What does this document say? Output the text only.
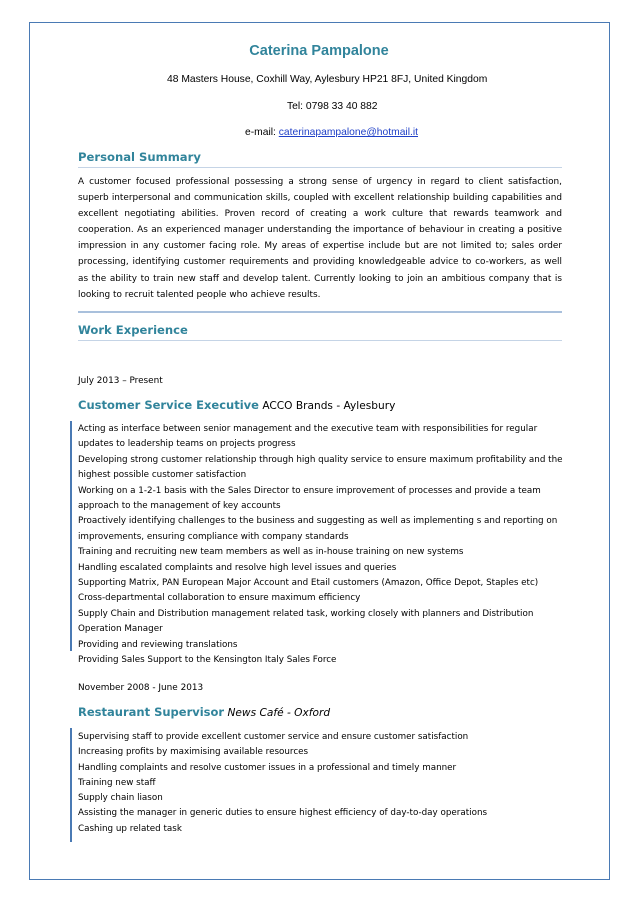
Caterina Pampalone
48 Masters House, Coxhill Way, Aylesbury HP21 8FJ, United Kingdom
Tel: 0798 33 40 882
e-mail: caterinapampalone@hotmail.it
Personal Summary
A customer focused professional possessing a strong sense of urgency in regard to client satisfaction, superb interpersonal and communication skills, coupled with excellent relationship building capabilities and excellent negotiating abilities. Proven record of creating a work culture that rewards teamwork and cooperation. As an experienced manager understanding the importance of behaviour in creating a positive impression in any customer facing role. My areas of expertise include but are not limited to; sales order processing, identifying customer requirements and providing knowledgeable advice to co-workers, as well as the ability to train new staff and develop talent. Currently looking to join an ambitious company that is looking to recruit talented people who achieve results.
Work Experience
July 2013 – Present
Customer Service Executive ACCO Brands - Aylesbury
Acting as interface between senior management and the executive team with responsibilities for regular updates to leadership teams on projects progress
Developing strong customer relationship through high quality service to ensure maximum profitability and the highest possible customer satisfaction
Working on a 1-2-1 basis with the Sales Director to ensure improvement of processes and provide a team approach to the management of key accounts
Proactively identifying challenges to the business and suggesting as well as implementing s and reporting on improvements, ensuring compliance with company standards
Training and recruiting new team members as well as in-house training on new systems
Handling escalated complaints and resolve high level issues and queries
Supporting Matrix, PAN European Major Account and Etail customers (Amazon, Office Depot, Staples etc)
Cross-departmental collaboration to ensure maximum efficiency
Supply Chain and Distribution management related task, working closely with planners and Distribution Operation Manager
Providing and reviewing translations
Providing Sales Support to the Kensington Italy Sales Force
November 2008 - June 2013
Restaurant Supervisor News Café - Oxford
Supervising staff to provide excellent customer service and ensure customer satisfaction
Increasing profits by maximising available resources
Handling complaints and resolve customer issues in a professional and timely manner
Training new staff
Supply chain liason
Assisting the manager in generic duties to ensure highest efficiency of day-to-day operations
Cashing up related task
